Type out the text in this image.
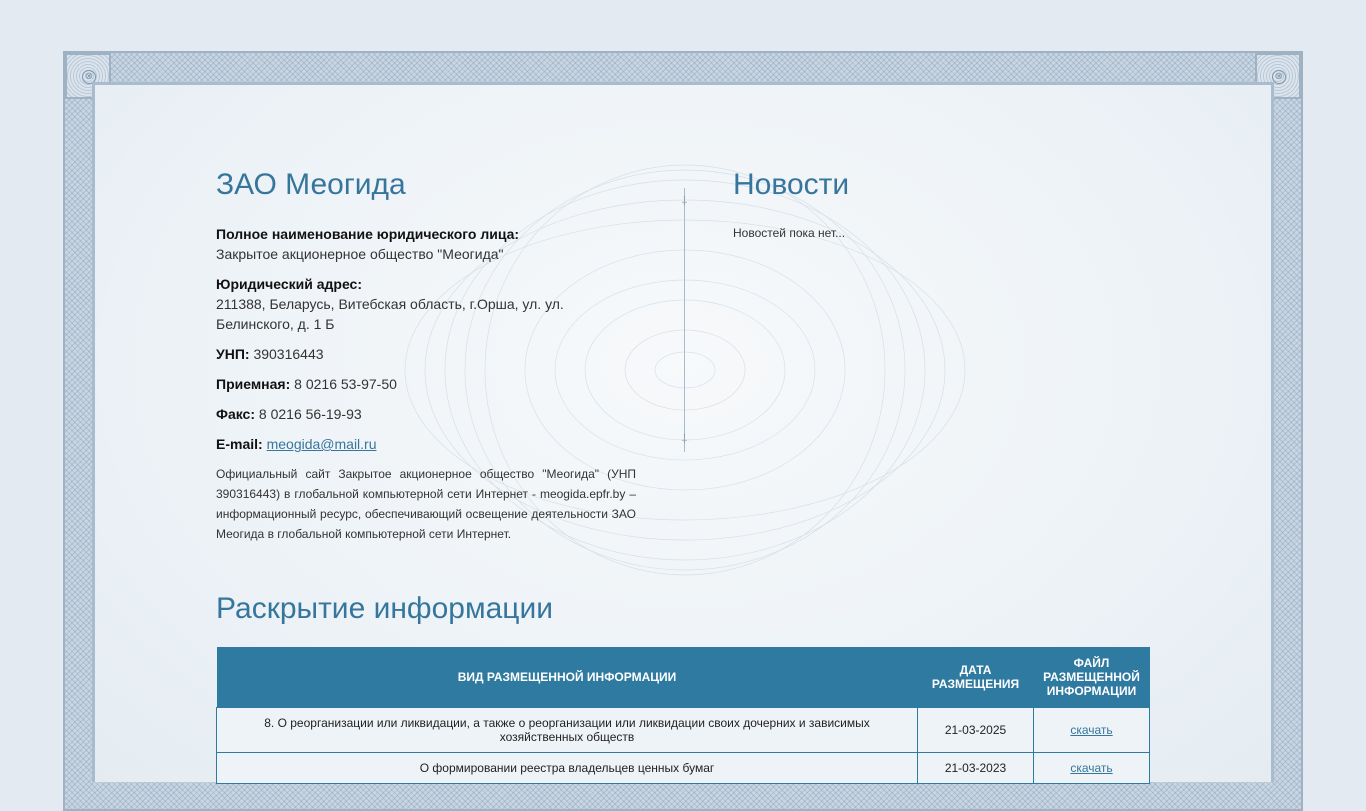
⊗	⊗
ЗАО Меогида
Полное наименование юридического лица:
Закрытое акционерное общество "Меогида"
Юридический адрес:
211388, Беларусь, Витебская область, г.Орша, ул. ул. Белинского, д. 1 Б
УНП: 390316443
Приемная: 8 0216 53-97-50
Факс: 8 0216 56-19-93
E-mail: meogida@mail.ru
Официальный сайт Закрытое акционерное общество "Меогида" (УНП 390316443) в глобальной компьютерной сети Интернет - meogida.epfr.by – информационный ресурс, обеспечивающий освещение деятельности ЗАО Меогида в глобальной компьютерной сети Интернет.
⸸
⸸
Новости
Новостей пока нет...
Раскрытие информации
ВИД РАЗМЕЩЕННОЙ ИНФОРМАЦИИ	ДАТА РАЗМЕЩЕНИЯ	ФАЙЛ РАЗМЕЩЕННОЙ ИНФОРМАЦИИ
8. О реорганизации или ликвидации, а также о реорганизации или ликвидации своих дочерних и зависимых хозяйственных обществ	21-03-2025	скачать
О формировании реестра владельцев ценных бумаг	21-03-2023	скачать
